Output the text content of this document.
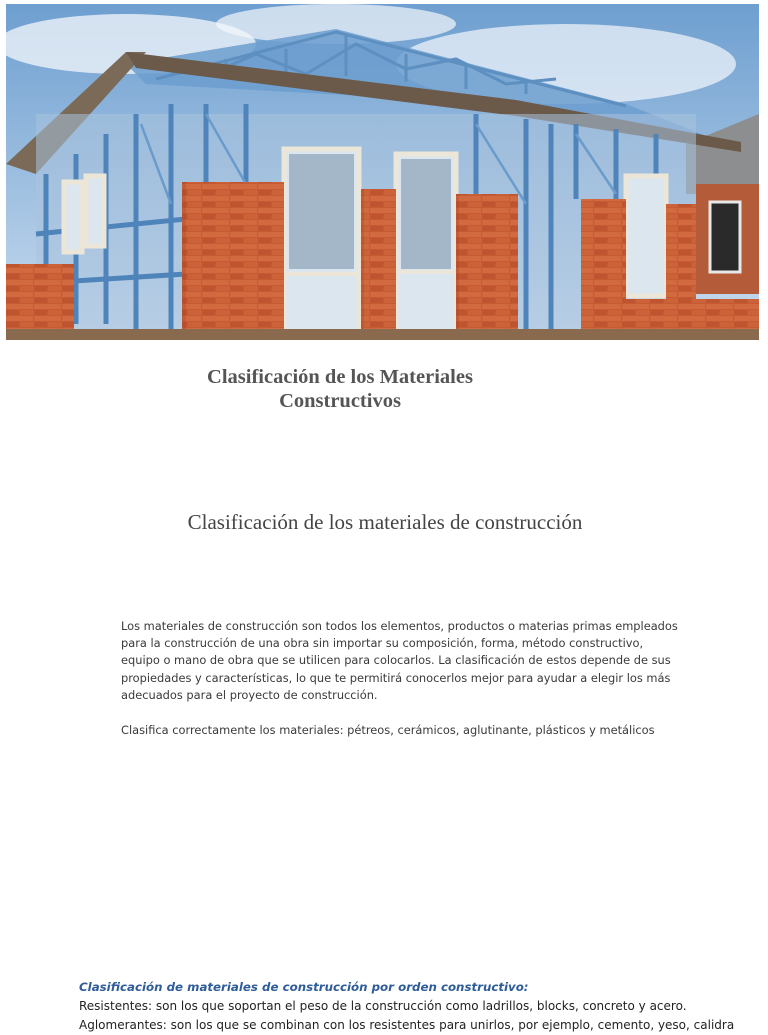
Clasificación de los Materiales
Constructivos
Clasificación de los materiales de construcción

Los materiales de construcción son todos los elementos, productos o materias primas empleados para la construcción de una obra sin importar su composición, forma, método constructivo, equipo o mano de obra que se utilicen para colocarlos. La clasificación de estos depende de sus propiedades y características, lo que te permitirá conocerlos mejor para ayudar a elegir los más adecuados para el proyecto de construcción.

Clasifica correctamente los materiales: pétreos, cerámicos, aglutinante, plásticos y metálicos

Clasificación de materiales de construcción por orden constructivo:
Resistentes: son los que soportan el peso de la construcción como ladrillos, blocks, concreto y acero.
Aglomerantes: son los que se combinan con los resistentes para unirlos, por ejemplo, cemento, yeso, calidra
